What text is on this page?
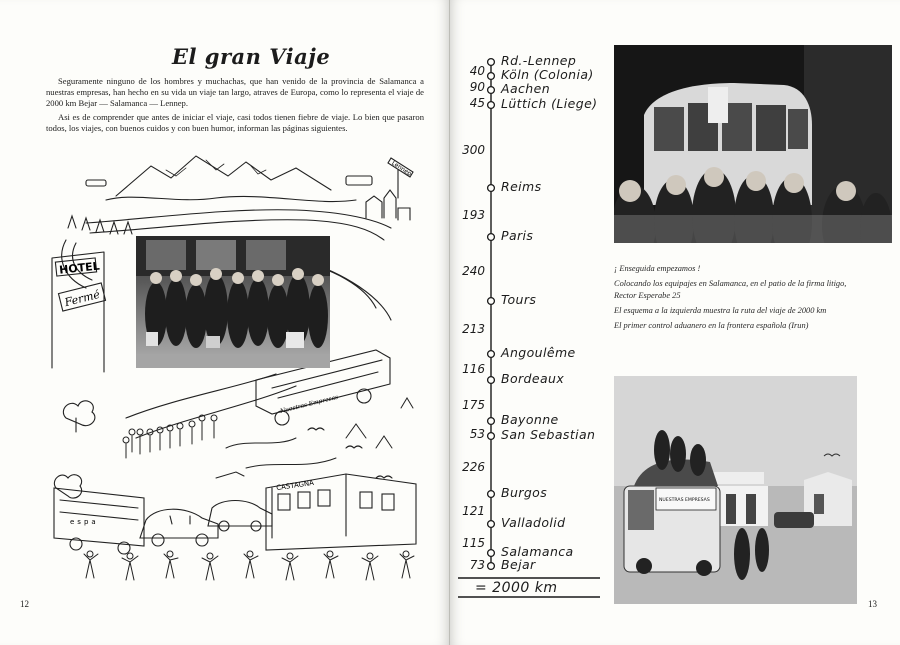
El gran Viaje

Seguramente ninguno de los hombres y muchachas, que han venido de la provincia de Salamanca a nuestras empresas, han hecho en su vida un viaje tan largo, atraves de Europa, como lo representa el viaje de 2000 km Bejar — Salamanca — Lennep.

Asi es de comprender que antes de iniciar el viaje, casi todos tienen fiebre de viaje. Lo bien que pasaron todos, los viajes, con buenos cuidos y con buen humor, informan las páginas siguientes.

HOTEL
Fermé
Lennep
espa
CASTAGNA
Nuestras Empresas
12
Rd.-Lennep
Köln (Colonia)
Aachen
Lüttich (Liege)
Reims
Paris
Tours
Angoulême
Bordeaux
Bayonne
San Sebastian
Burgos
Valladolid
Salamanca
Bejar
40
90
45
300
193
240
213
116
175
53
226
121
115
73
= 2000 km

¡ Enseguida empezamos !

Colocando los equipajes en Salamanca, en el patio de la firma litigo, Rector Esperabe 25

El esquema a la izquierda muestra la ruta del viaje de 2000 km

El primer control aduanero en la frontera española (Irun)

NUESTRAS EMPRESAS
13
